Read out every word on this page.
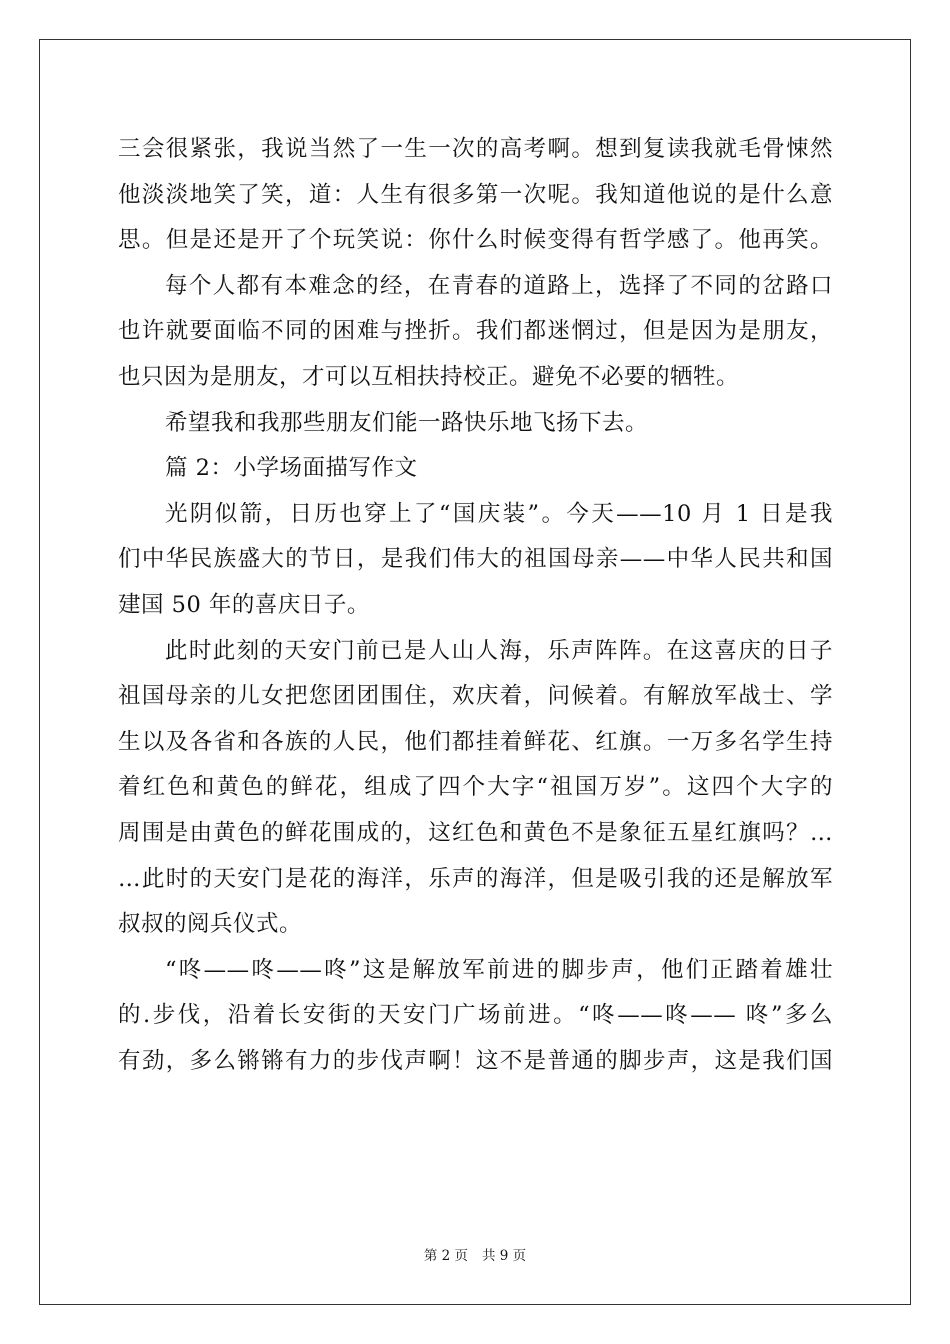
三会很紧张，我说当然了一生一次的高考啊。想到复读我就毛骨悚然
他淡淡地笑了笑，道：人生有很多第一次呢。我知道他说的是什么意
思。但是还是开了个玩笑说：你什么时候变得有哲学感了。他再笑。
每个人都有本难念的经，在青春的道路上，选择了不同的岔路口
也许就要面临不同的困难与挫折。我们都迷惘过，但是因为是朋友，
也只因为是朋友，才可以互相扶持校正。避免不必要的牺牲。
希望我和我那些朋友们能一路快乐地飞扬下去。
篇 2：小学场面描写作文
光阴似箭，日历也穿上了“国庆装”。今天——10 月 1 日是我
们中华民族盛大的节日，是我们伟大的祖国母亲——中华人民共和国
建国 50 年的喜庆日子。
此时此刻的天安门前已是人山人海，乐声阵阵。在这喜庆的日子
祖国母亲的儿女把您团团围住，欢庆着，问候着。有解放军战士、学
生以及各省和各族的人民，他们都挂着鲜花、红旗。一万多名学生持
着红色和黄色的鲜花，组成了四个大字“祖国万岁”。这四个大字的
周围是由黄色的鲜花围成的，这红色和黄色不是象征五星红旗吗？…
…此时的天安门是花的海洋，乐声的海洋，但是吸引我的还是解放军
叔叔的阅兵仪式。
“咚——咚——咚”这是解放军前进的脚步声，他们正踏着雄壮
的.步伐，沿着长安街的天安门广场前进。“咚——咚—— 咚”多么
有劲，多么锵锵有力的步伐声啊！这不是普通的脚步声，这是我们国
第 2 页 共 9 页
